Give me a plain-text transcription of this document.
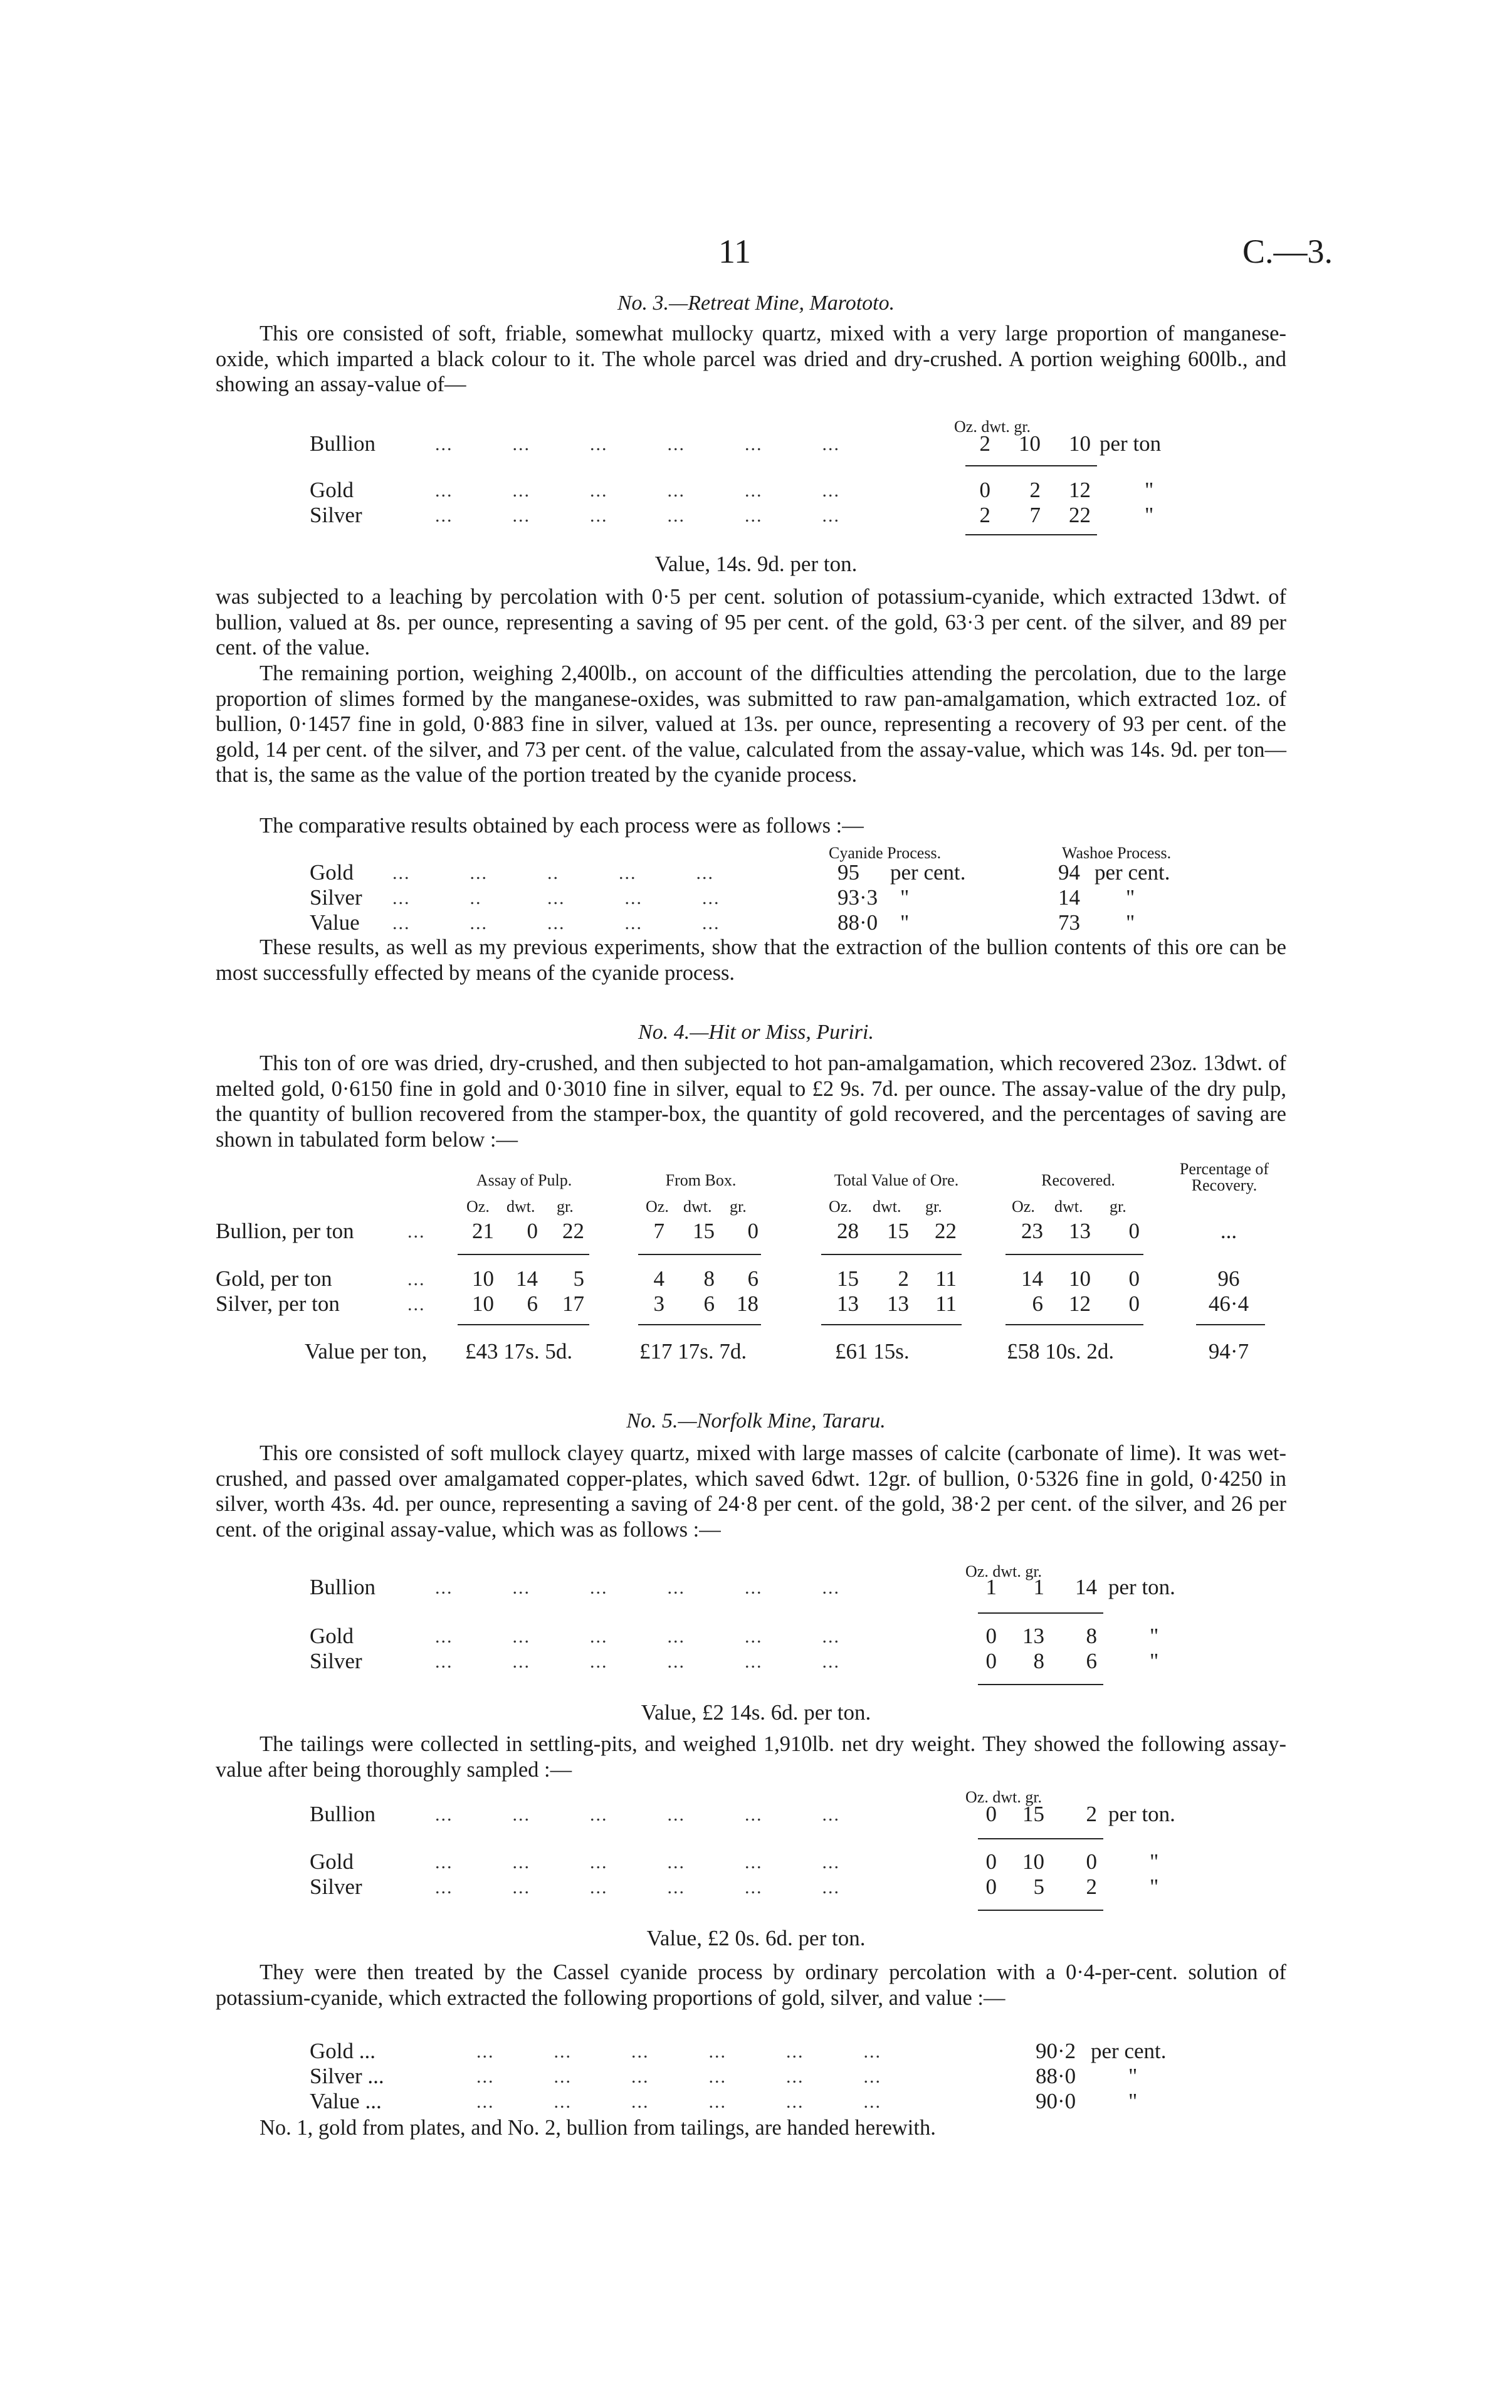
11	C.—3.
No. 3.—Retreat Mine, Marototo.
This ore consisted of soft, friable, somewhat mullocky quartz, mixed with a very large proportion of manganese-oxide, which imparted a black colour to it. The whole parcel was dried and dry-crushed. A portion weighing 600lb., and showing an assay-value of—
Oz. dwt. gr.
Bullion	...          ...          ...          ...          ...          ...	2	10	10 per ton
Gold	...          ...          ...          ...          ...          ...	0	2	12 "
Silver	...          ...          ...          ...          ...          ...	2	7	22 "
Value, 14s. 9d. per ton.
was subjected to a leaching by percolation with 0·5 per cent. solution of potassium-cyanide, which extracted 13dwt. of bullion, valued at 8s. per ounce, representing a saving of 95 per cent. of the gold, 63·3 per cent. of the silver, and 89 per cent. of the value.
The remaining portion, weighing 2,400lb., on account of the difficulties attending the percolation, due to the large proportion of slimes formed by the manganese-oxides, was submitted to raw pan-amalgamation, which extracted 1oz. of bullion, 0·1457 fine in gold, 0·883 fine in silver, valued at 13s. per ounce, representing a recovery of 93 per cent. of the gold, 14 per cent. of the silver, and 73 per cent. of the value, calculated from the assay-value, which was 14s. 9d. per ton—that is, the same as the value of the portion treated by the cyanide process.
The comparative results obtained by each process were as follows :—
Cyanide Process.	Washoe Process.
Gold ...          ...          ..          ...          ...	95 per cent.	94 per cent.
Silver ...          ..           ...          ...          ...	93·3 "	14 "
Value ...          ...          ...          ...          ...	88·0 "	73 "
These results, as well as my previous experiments, show that the extraction of the bullion contents of this ore can be most successfully effected by means of the cyanide process.
No. 4.—Hit or Miss, Puriri.
This ton of ore was dried, dry-crushed, and then subjected to hot pan-amalgamation, which recovered 23oz. 13dwt. of melted gold, 0·6150 fine in gold and 0·3010 fine in silver, equal to £2 9s. 7d. per ounce. The assay-value of the dry pulp, the quantity of bullion recovered from the stamper-box, the quantity of gold recovered, and the percentages of saving are shown in tabulated form below :—
Assay of Pulp.	From Box.	Total Value of Ore.	Recovered.
Percentage of Recovery.
Oz. dwt. gr.	Oz. dwt. gr.	Oz. dwt. gr.	Oz. dwt. gr.
Bullion, per ton	...	21	0	22	7	15	0	28	15	22	23	13	0	...
Gold, per ton	...	10	14	5	4	8	6	15	2	11	14	10	0	96
Silver, per ton	...	10	6	17	3	6	18	13	13	11	6	12	0	46·4
Value per ton, £43 17s. 5d.	£17 17s. 7d.	£61 15s.	£58 10s. 2d.	94·7
No. 5.—Norfolk Mine, Tararu.
This ore consisted of soft mullock clayey quartz, mixed with large masses of calcite (carbonate of lime). It was wet-crushed, and passed over amalgamated copper-plates, which saved 6dwt. 12gr. of bullion, 0·5326 fine in gold, 0·4250 in silver, worth 43s. 4d. per ounce, representing a saving of 24·8 per cent. of the gold, 38·2 per cent. of the silver, and 26 per cent. of the original assay-value, which was as follows :—
Oz. dwt. gr.
Bullion	...          ...          ...          ...          ...          ...	1	1	14 per ton.
Gold	...          ...          ...          ...          ...          ...	0	13	8 "
Silver	...          ...          ...          ...          ...          ...	0	8	6 "
Value, £2 14s. 6d. per ton.
The tailings were collected in settling-pits, and weighed 1,910lb. net dry weight. They showed the following assay-value after being thoroughly sampled :—
Oz. dwt. gr.
Bullion	...          ...          ...          ...          ...          ...	0	15	2 per ton.
Gold	...          ...          ...          ...          ...          ...	0	10	0 "
Silver	...          ...          ...          ...          ...          ...	0	5	2 "
Value, £2 0s. 6d. per ton.
They were then treated by the Cassel cyanide process by ordinary percolation with a 0·4-per-cent. solution of potassium-cyanide, which extracted the following proportions of gold, silver, and value :—
Gold ...	...          ...          ...          ...          ...          ...	90·2 per cent.
Silver ...	...          ...          ...          ...          ...          ...	88·0 "
Value ...	...          ...          ...          ...          ...          ...	90·0 "
No. 1, gold from plates, and No. 2, bullion from tailings, are handed herewith.
